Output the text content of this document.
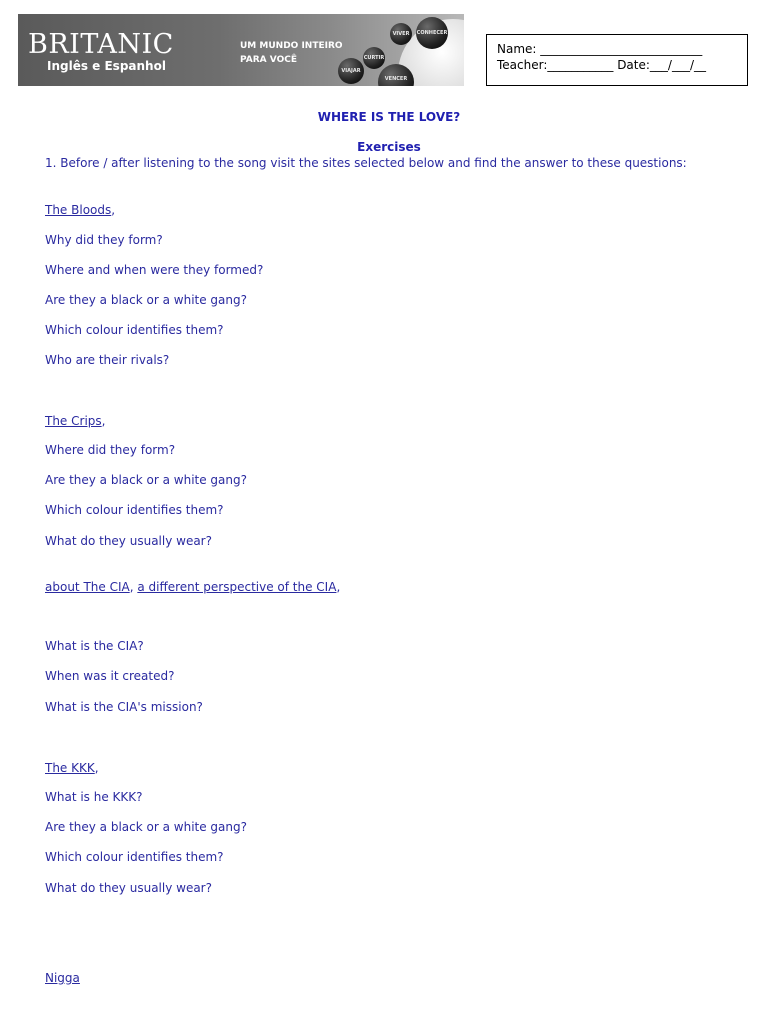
BRITANIC
Inglês e Espanhol
UM MUNDO INTEIRO
PARA VOCÊ
VIVER	CONHECER
CURTIR
VIAJAR
VENCER
Name: ___________________________
Teacher:___________ Date:___/___/__
WHERE IS THE LOVE?
Exercises
1. Before / after listening to the song visit the sites selected below and find the answer to these questions:
The Bloods,
Why did they form?
Where and when were they formed?
Are they a black or a white gang?
Which colour identifies them?
Who are their rivals?
The Crips,
Where did they form?
Are they a black or a white gang?
Which colour identifies them?
What do they usually wear?
about The CIA, a different perspective of the CIA,
What is the CIA?
When was it created?
What is the CIA's mission?
The KKK,
What is he KKK?
Are they a black or a white gang?
Which colour identifies them?
What do they usually wear?
Nigga
